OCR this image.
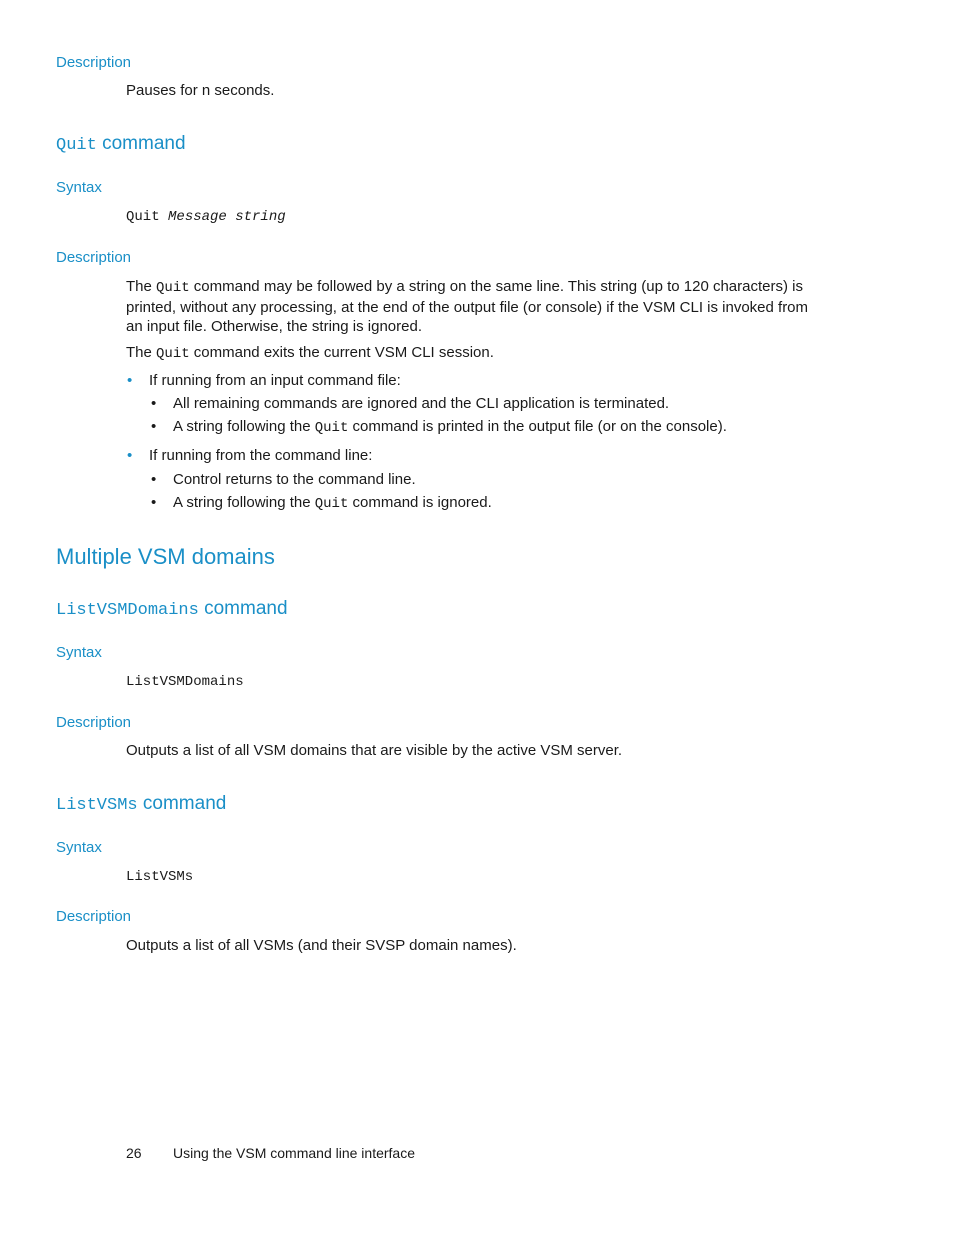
Description
Pauses for n seconds.
Quit command
Syntax
Quit Message string
Description
The Quit command may be followed by a string on the same line. This string (up to 120 characters) is printed, without any processing, at the end of the output file (or console) if the VSM CLI is invoked from an input file. Otherwise, the string is ignored.
The Quit command exits the current VSM CLI session.
• If running from an input command file:
• All remaining commands are ignored and the CLI application is terminated.
• A string following the Quit command is printed in the output file (or on the console).
• If running from the command line:
• Control returns to the command line.
• A string following the Quit command is ignored.
Multiple VSM domains
ListVSMDomains command
Syntax
ListVSMDomains
Description
Outputs a list of all VSM domains that are visible by the active VSM server.
ListVSMs command
Syntax
ListVSMs
Description
Outputs a list of all VSMs (and their SVSP domain names).
26 Using the VSM command line interface
